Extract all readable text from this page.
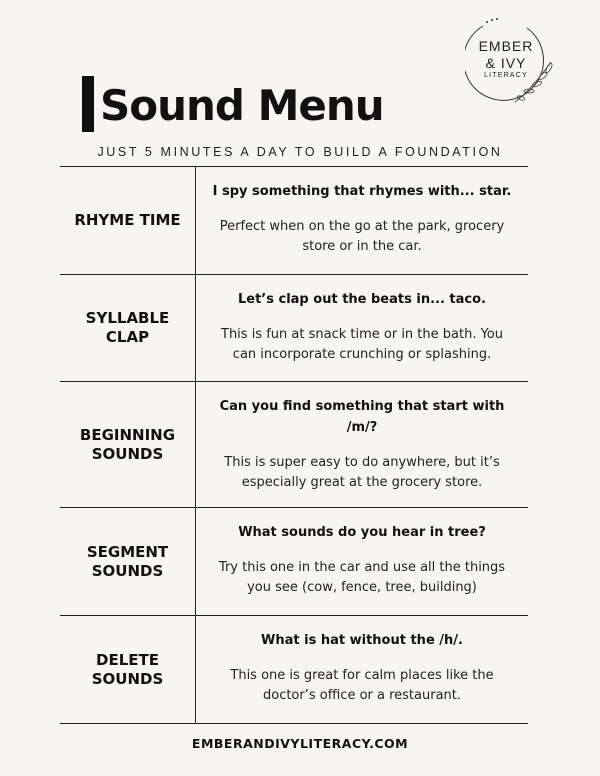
EMBER
& IVY
LITERACY
Sound Menu
JUST 5 MINUTES A DAY TO BUILD A FOUNDATION
RHYME TIME

I spy something that rhymes with... star.

Perfect when on the go at the park, grocery store or in the car.

SYLLABLE CLAP

Let’s clap out the beats in... taco.

This is fun at snack time or in the bath. You can incorporate crunching or splashing.

BEGINNING SOUNDS

Can you find something that start with /m/?

This is super easy to do anywhere, but it’s especially great at the grocery store.

SEGMENT SOUNDS

What sounds do you hear in tree?

Try this one in the car and use all the things you see (cow, fence, tree, building)

DELETE SOUNDS

What is hat without the /h/.

This one is great for calm places like the doctor’s office or a restaurant.

EMBERANDIVYLITERACY.COM
